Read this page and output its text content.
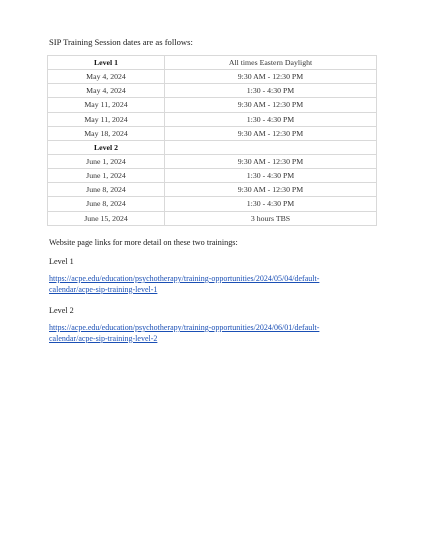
SIP Training Session dates are as follows:
Level 1	All times Eastern Daylight
May 4, 2024	9:30 AM - 12:30 PM
May 4, 2024	1:30 - 4:30 PM
May 11, 2024	9:30 AM - 12:30 PM
May 11, 2024	1:30 - 4:30 PM
May 18, 2024	9:30 AM - 12:30 PM
Level 2	
June 1, 2024	9:30 AM - 12:30 PM
June 1, 2024	1:30 - 4:30 PM
June 8, 2024	9:30 AM - 12:30 PM
June 8, 2024	1:30 - 4:30 PM
June 15, 2024	3 hours TBS
Website page links for more detail on these two trainings:
Level 1
https://acpe.edu/education/psychotherapy/training-opportunities/2024/05/04/default-
calendar/acpe-sip-training-level-1
Level 2
https://acpe.edu/education/psychotherapy/training-opportunities/2024/06/01/default-
calendar/acpe-sip-training-level-2
